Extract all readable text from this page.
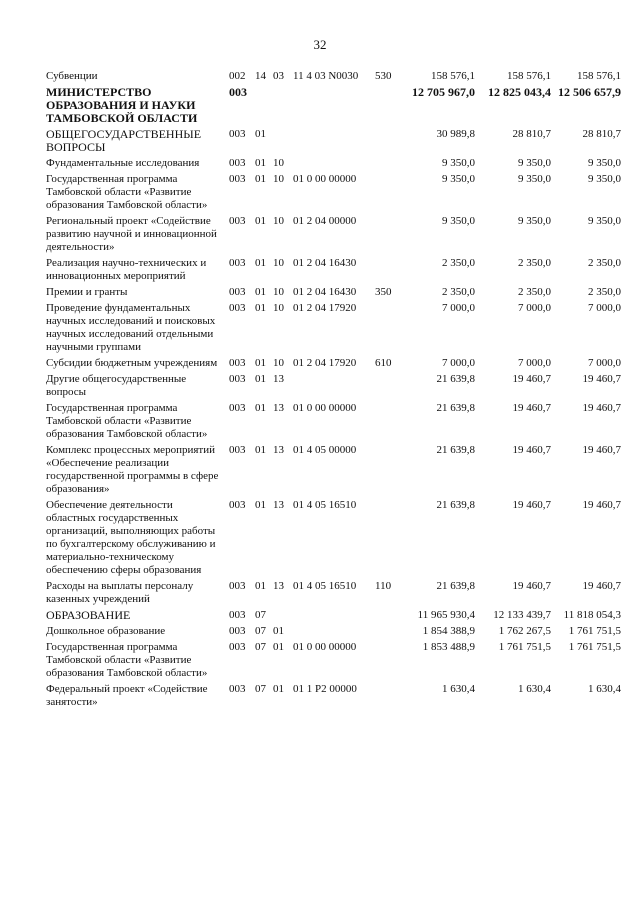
32
Субвенции	002	14	03	11 4 03 N0030	530	158 576,1	158 576,1	158 576,1
МИНИСТЕРСТВО ОБРАЗОВАНИЯ И НАУКИ ТАМБОВСКОЙ ОБЛАСТИ	003					12 705 967,0	12 825 043,4	12 506 657,9
ОБЩЕГОСУДАРСТВЕННЫЕ ВОПРОСЫ	003	01				30 989,8	28 810,7	28 810,7
Фундаментальные исследования	003	01	10			9 350,0	9 350,0	9 350,0
Государственная программа Тамбовской области «Развитие образования Тамбовской области»	003	01	10	01 0 00 00000		9 350,0	9 350,0	9 350,0
Региональный проект «Содействие развитию научной и инновационной деятельности»	003	01	10	01 2 04 00000		9 350,0	9 350,0	9 350,0
Реализация научно-технических и инновационных мероприятий	003	01	10	01 2 04 16430		2 350,0	2 350,0	2 350,0
Премии и гранты	003	01	10	01 2 04 16430	350	2 350,0	2 350,0	2 350,0
Проведение фундаментальных научных исследований и поисковых научных исследований отдельными научными группами	003	01	10	01 2 04 17920		7 000,0	7 000,0	7 000,0
Субсидии бюджетным учреждениям	003	01	10	01 2 04 17920	610	7 000,0	7 000,0	7 000,0
Другие общегосударственные вопросы	003	01	13			21 639,8	19 460,7	19 460,7
Государственная программа Тамбовской области «Развитие образования Тамбовской области»	003	01	13	01 0 00 00000		21 639,8	19 460,7	19 460,7
Комплекс процессных мероприятий «Обеспечение реализации государственной программы в сфере образования»	003	01	13	01 4 05 00000		21 639,8	19 460,7	19 460,7
Обеспечение деятельности областных государственных организаций, выполняющих работы по бухгалтерскому обслуживанию и материально-техническому обеспечению сферы образования	003	01	13	01 4 05 16510		21 639,8	19 460,7	19 460,7
Расходы на выплаты персоналу казенных учреждений	003	01	13	01 4 05 16510	110	21 639,8	19 460,7	19 460,7
ОБРАЗОВАНИЕ	003	07				11 965 930,4	12 133 439,7	11 818 054,3
Дошкольное образование	003	07	01			1 854 388,9	1 762 267,5	1 761 751,5
Государственная программа Тамбовской области «Развитие образования Тамбовской области»	003	07	01	01 0 00 00000		1 853 488,9	1 761 751,5	1 761 751,5
Федеральный проект «Содействие занятости»	003	07	01	01 1 P2 00000		1 630,4	1 630,4	1 630,4
